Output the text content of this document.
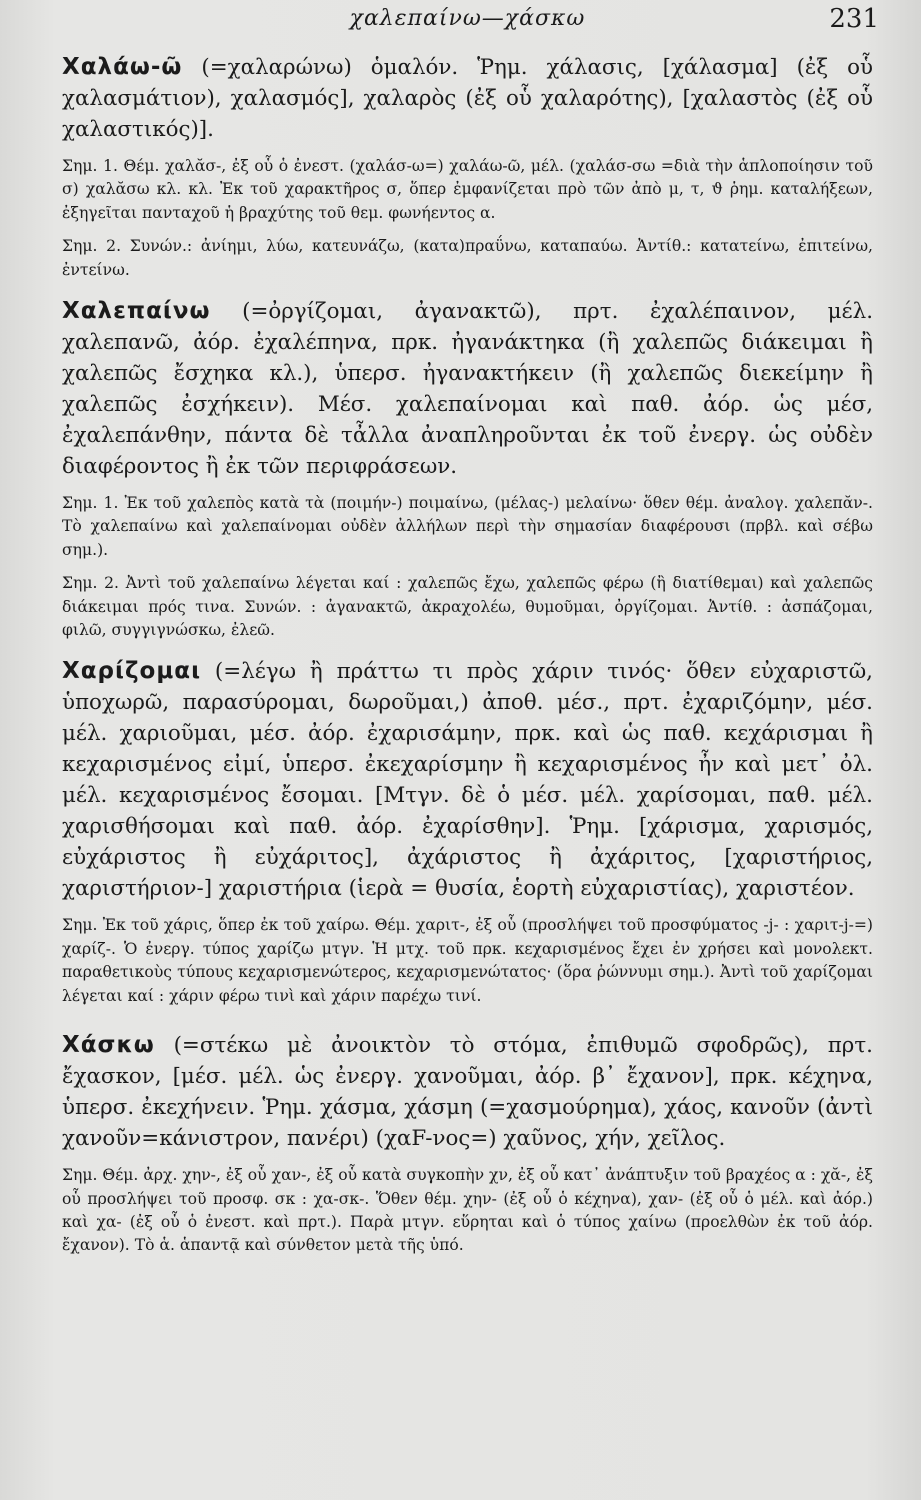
χαλεπαίνω—χάσκω	231

Χαλάω-ῶ (=χαλαρώνω) ὁμαλόν. Ῥημ. χάλασις, [χάλασμα] (ἐξ οὗ χαλασμάτιον), χαλασμός], χαλαρὸς (ἐξ οὗ χαλαρότης), [χαλαστὸς (ἐξ οὗ χαλαστικός)].

Σημ. 1. Θέμ. χαλᾰσ-, ἐξ οὗ ὁ ἐνεστ. (χαλάσ-ω=) χαλάω-ῶ, μέλ. (χαλάσ-σω =διὰ τὴν ἁπλοποίησιν τοῦ σ) χαλᾰσω κλ. κλ. Ἐκ τοῦ χαρακτῆρος σ, ὅπερ ἐμφανίζεται πρὸ τῶν ἀπὸ μ, τ, ϑ ῥημ. καταλήξεων, ἐξηγεῖται πανταχοῦ ἡ βραχύτης τοῦ θεμ. φωνήεντος α.

Σημ. 2. Συνών.: ἀνίημι, λύω, κατευνάζω, (κατα)πραΰνω, καταπαύω. Ἀντίθ.: κατατείνω, ἐπιτείνω, ἐντείνω.

Χαλεπαίνω (=ὀργίζομαι, ἀγανακτῶ), πρτ. ἐχαλέπαινον, μέλ. χαλεπανῶ, ἀόρ. ἐχαλέπηνα, πρκ. ἠγανάκτηκα (ἢ χαλεπῶς διάκειμαι ἢ χαλεπῶς ἔσχηκα κλ.), ὑπερσ. ἠγανακτήκειν (ἢ χαλεπῶς διεκείμην ἢ χαλεπῶς ἐσχήκειν). Μέσ. χαλεπαίνομαι καὶ παθ. ἀόρ. ὡς μέσ, ἐχαλεπάνθην, πάντα δὲ τἆλλα ἀναπληροῦνται ἐκ τοῦ ἐνεργ. ὡς οὐδὲν διαφέροντος ἢ ἐκ τῶν περιφράσεων.

Σημ. 1. Ἐκ τοῦ χαλεπὸς κατὰ τὰ (ποιμήν-) ποιμαίνω, (μέλας-) μελαίνω· ὅθεν θέμ. ἀναλογ. χαλεπᾰν-. Τὸ χαλεπαίνω καὶ χαλεπαίνομαι οὐδὲν ἀλλήλων περὶ τὴν σημασίαν διαφέρουσι (πρβλ. καὶ σέβω σημ.).

Σημ. 2. Ἀντὶ τοῦ χαλεπαίνω λέγεται καί : χαλεπῶς ἔχω, χαλεπῶς φέρω (ἢ διατίθεμαι) καὶ χαλεπῶς διάκειμαι πρός τινα. Συνών. : ἀγανακτῶ, ἀκραχολέω, θυμοῦμαι, ὀργίζομαι. Ἀντίθ. : ἀσπάζομαι, φιλῶ, συγγιγνώσκω, ἐλεῶ.

Χαρίζομαι (=λέγω ἢ πράττω τι πρὸς χάριν τινός· ὅθεν εὐχαριστῶ, ὑποχωρῶ, παρασύρομαι, δωροῦμαι,) ἀποθ. μέσ., πρτ. ἐχαριζόμην, μέσ. μέλ. χαριοῦμαι, μέσ. ἀόρ. ἐχαρισάμην, πρκ. καὶ ὡς παθ. κεχάρισμαι ἢ κεχαρισμένος εἰμί, ὑπερσ. ἐκεχαρίσμην ἢ κεχαρισμένος ἦν καὶ μετ᾽ ὀλ. μέλ. κεχαρισμένος ἔσομαι. [Μτγν. δὲ ὁ μέσ. μέλ. χαρίσομαι, παθ. μέλ. χαρισθήσομαι καὶ παθ. ἀόρ. ἐχαρίσθην]. Ῥημ. [χάρισμα, χαρισμός, εὐχάριστος ἢ εὐχάριτος], ἀχάριστος ἢ ἀχάριτος, [χαριστήριος, χαριστήριον-] χαριστήρια (ἱερὰ = θυσία, ἑορτὴ εὐχαριστίας), χαριστέον.

Σημ. Ἐκ τοῦ χάρις, ὅπερ ἐκ τοῦ χαίρω. Θέμ. χαριτ-, ἐξ οὗ (προσλήψει τοῦ προσφύματος -j- : χαριτ-j-=) χαρίζ-. Ὁ ἐνεργ. τύπος χαρίζω μτγν. Ἡ μτχ. τοῦ πρκ. κεχαρισμένος ἔχει ἐν χρήσει καὶ μονολεκτ. παραθετικοὺς τύπους κεχαρισμενώτερος, κεχαρισμενώτατος· (ὅρα ῥώννυμι σημ.). Ἀντὶ τοῦ χαρίζομαι λέγεται καί : χάριν φέρω τινὶ καὶ χάριν παρέχω τινί.

Χάσκω (=στέκω μὲ ἀνοικτὸν τὸ στόμα, ἐπιθυμῶ σφοδρῶς), πρτ. ἔχασκον, [μέσ. μέλ. ὡς ἐνεργ. χανοῦμαι, ἀόρ. β᾽ ἔχανον], πρκ. κέχηνα, ὑπερσ. ἐκεχήνειν. Ῥημ. χάσμα, χάσμη (=χασμούρημα), χάος, κανοῦν (ἀντὶ χανοῦν=κάνιστρον, πανέρι) (χαF-νος=) χαῦνος, χήν, χεῖλος.

Σημ. Θέμ. ἀρχ. χην-, ἐξ οὗ χαν-, ἐξ οὗ κατὰ συγκοπὴν χν, ἐξ οὗ κατ᾽ ἀνάπτυξιν τοῦ βραχέος α : χᾰ-, ἐξ οὗ προσλήψει τοῦ προσφ. σκ : χα-σκ-. Ὅθεν θέμ. χην- (ἐξ οὗ ὁ κέχηνα), χαν- (ἐξ οὗ ὁ μέλ. καὶ ἀόρ.) καὶ χα- (ἐξ οὗ ὁ ἐνεστ. καὶ πρτ.). Παρὰ μτγν. εὕρηται καὶ ὁ τύπος χαίνω (προελθὼν ἐκ τοῦ ἀόρ. ἔχανον). Τὸ ἁ. ἁπαντᾷ καὶ σύνθετον μετὰ τῆς ὑπό.
